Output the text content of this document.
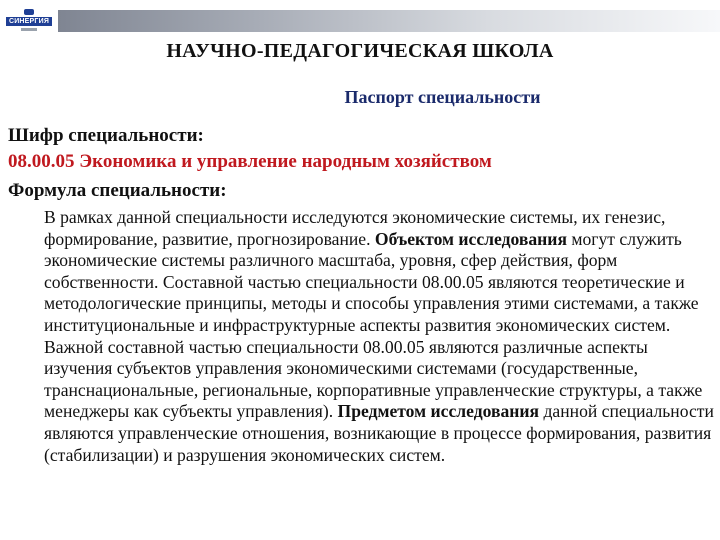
СИНЕРГИЯ
НАУЧНО-ПЕДАГОГИЧЕСКАЯ ШКОЛА
Паспорт специальности
Шифр специальности:
08.00.05 Экономика и управление народным хозяйством
Формула специальности:
В рамках данной специальности исследуются экономические системы, их генезис, формирование, развитие, прогнозирование. Объектом исследования могут служить экономические системы различного масштаба, уровня, сфер действия, форм собственности. Составной частью специальности 08.00.05 являются теоретические и методологические принципы, методы и способы управления этими системами, а также институциональные и инфраструктурные аспекты развития экономических систем. Важной составной частью специальности 08.00.05 являются различные аспекты изучения субъектов управления экономическими системами (государственные, транснациональные, региональные, корпоративные управленческие структуры, а также менеджеры как субъекты управления). Предметом исследования данной специальности являются управленческие отношения, возникающие в процессе формирования, развития (стабилизации) и разрушения экономических систем.
